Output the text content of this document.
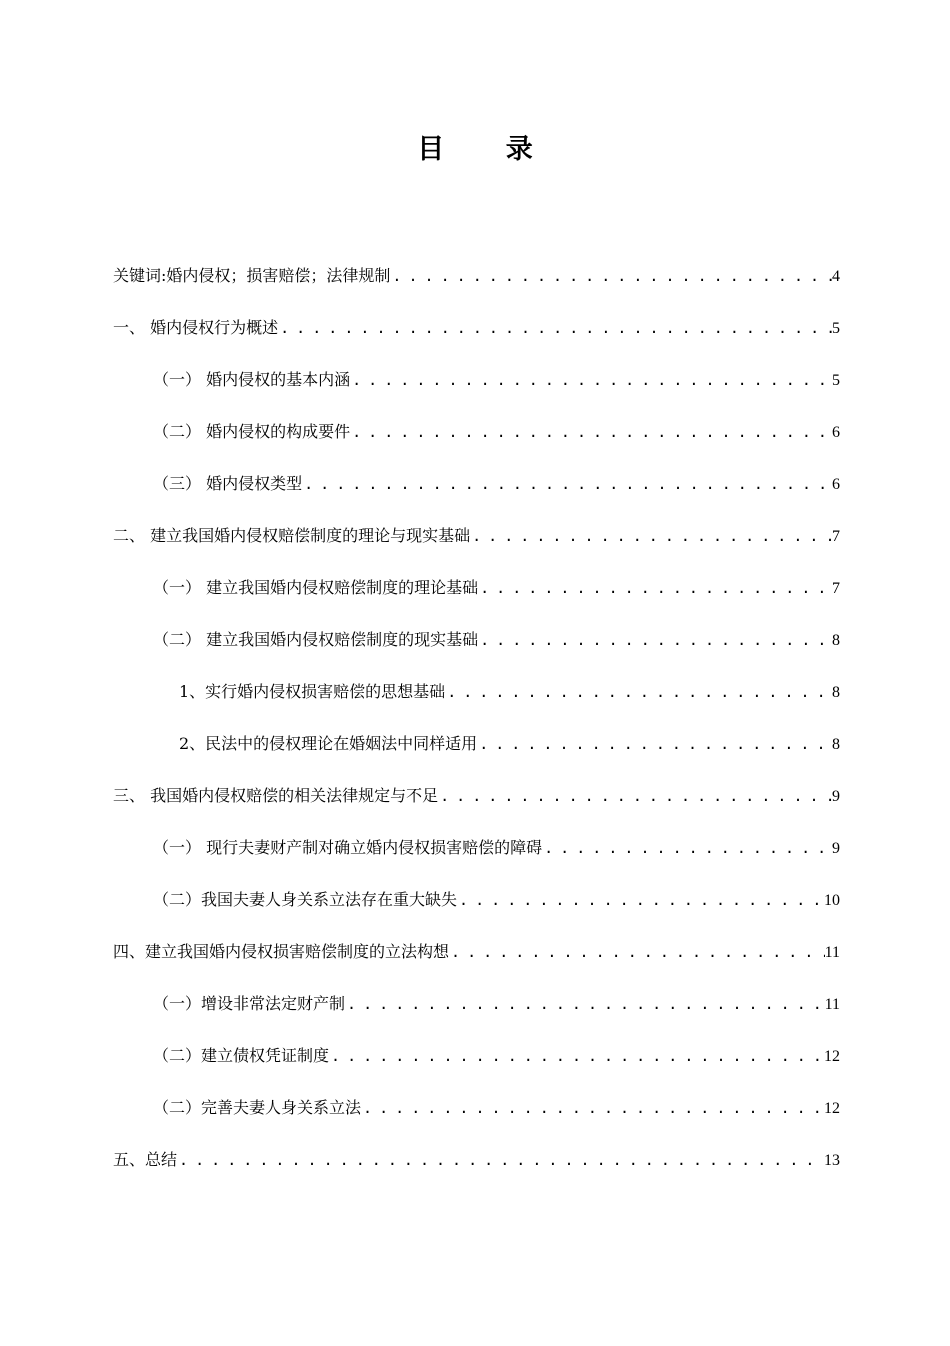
目 录
关键词:婚内侵权；损害赔偿；法律规制 . . .	4
一、 婚内侵权行为概述 . . .	5
（一） 婚内侵权的基本内涵 . . .	5
（二） 婚内侵权的构成要件 . . .	6
（三） 婚内侵权类型 . . .	6
二、 建立我国婚内侵权赔偿制度的理论与现实基础 . . .	7
（一） 建立我国婚内侵权赔偿制度的理论基础 . . .	7
（二） 建立我国婚内侵权赔偿制度的现实基础 . . .	8
1、实行婚内侵权损害赔偿的思想基础 . . .	8
2、民法中的侵权理论在婚姻法中同样适用 . . .	8
三、 我国婚内侵权赔偿的相关法律规定与不足 . . .	9
（一） 现行夫妻财产制对确立婚内侵权损害赔偿的障碍 . . .	9
（二）我国夫妻人身关系立法存在重大缺失 . . .	10
四、建立我国婚内侵权损害赔偿制度的立法构想 . . .	11
（一）增设非常法定财产制 . . .	11
（二）建立债权凭证制度 . . .	12
（二）完善夫妻人身关系立法 . . .	12
五、总结 . . .	13
